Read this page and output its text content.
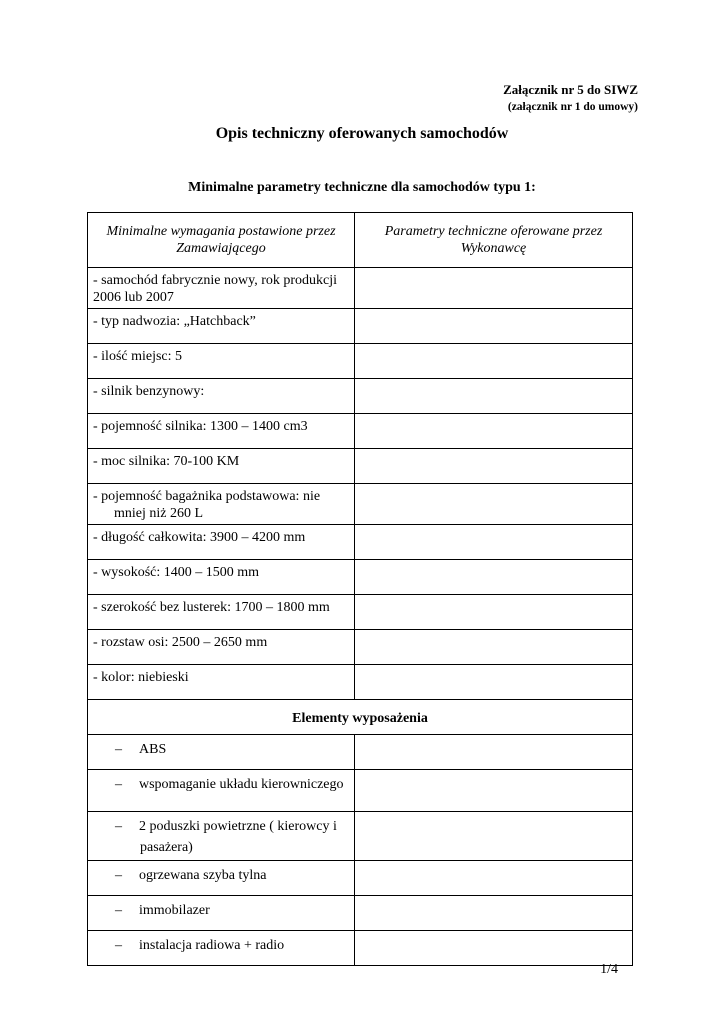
Załącznik nr 5 do SIWZ
(załącznik nr 1 do umowy)
Opis techniczny oferowanych samochodów
Minimalne parametry techniczne dla samochodów typu 1:
Minimalne wymagania postawione przez Zamawiającego	Parametry techniczne oferowane przez Wykonawcę
- samochód fabrycznie nowy, rok produkcji 2006 lub 2007	
- typ nadwozia: „Hatchback”	
- ilość miejsc: 5	
- silnik benzynowy:	
- pojemność silnika: 1300 – 1400 cm3	
- moc silnika: 70-100 KM	

- pojemność bagażnika podstawowa: nie mniej niż 260 L	

- długość całkowita: 3900 – 4200 mm	
- wysokość: 1400 – 1500 mm	
- szerokość bez lusterek: 1700 – 1800 mm	
- rozstaw osi: 2500 – 2650 mm	
- kolor: niebieski	
Elementy wyposażenia	

– ABS	

– wspomaganie układu kierowniczego	

– 2 poduszki powietrzne ( kierowcy i pasażera)	

– ogrzewana szyba tylna	

– immobilazer	

– instalacja radiowa + radio	

1/4
